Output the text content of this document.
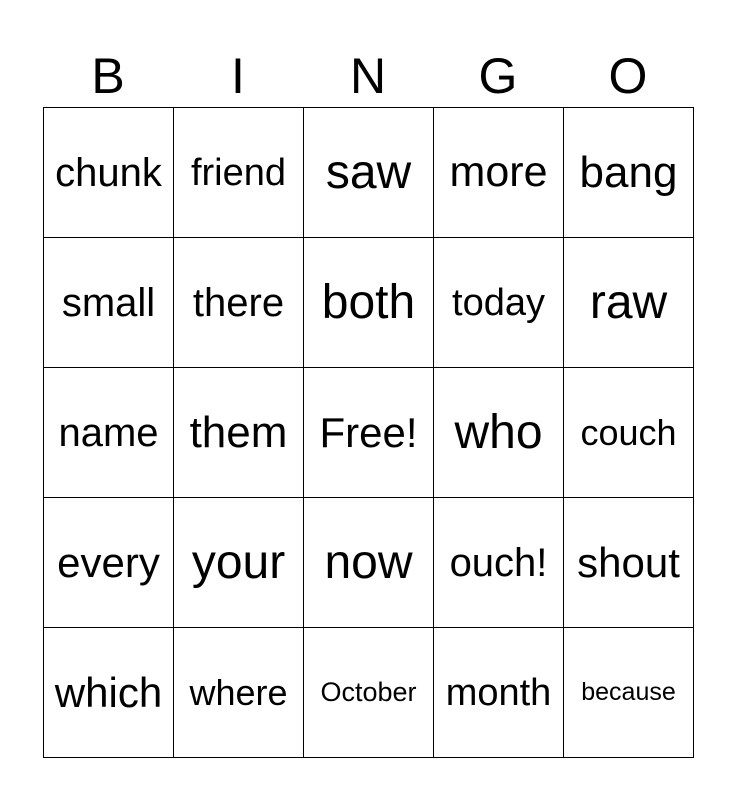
B	I	N	G	O
chunk friend saw more bang
small there both today raw
name them Free! who couch
every your now ouch! shout
which where October month because
